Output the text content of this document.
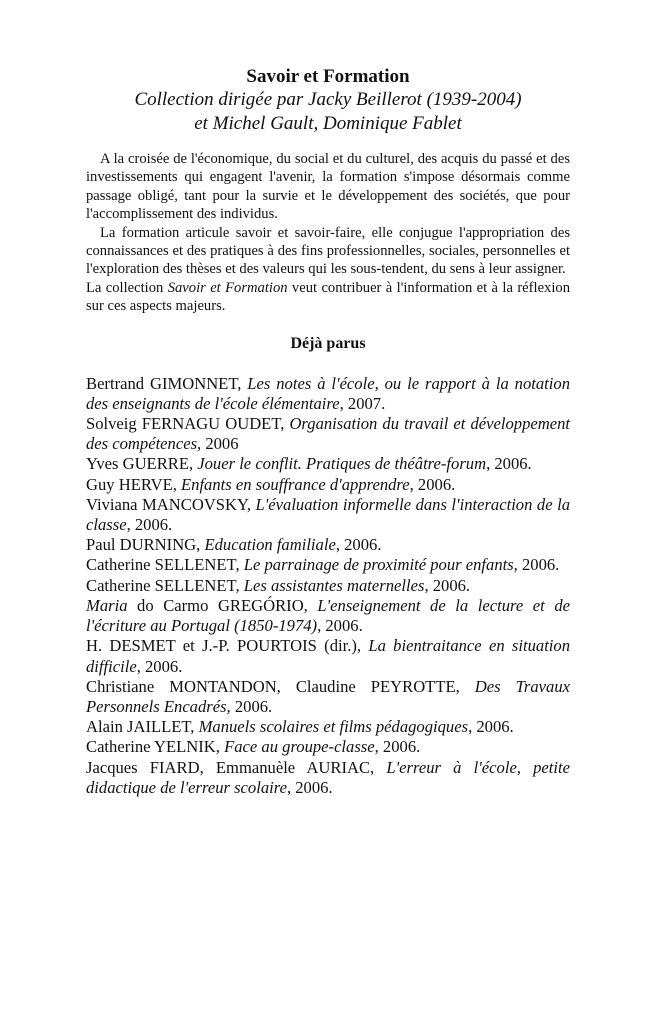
Savoir et Formation

Collection dirigée par Jacky Beillerot (1939-2004)

et Michel Gault, Dominique Fablet

A la croisée de l'économique, du social et du culturel, des acquis du passé et des investissements qui engagent l'avenir, la formation s'impose désormais comme passage obligé, tant pour la survie et le développement des sociétés, que pour l'accomplissement des individus.

La formation articule savoir et savoir-faire, elle conjugue l'appropriation des connaissances et des pratiques à des fins professionnelles, sociales, personnelles et l'exploration des thèses et des valeurs qui les sous-tendent, du sens à leur assigner.

La collection Savoir et Formation veut contribuer à l'information et à la réflexion sur ces aspects majeurs.

Déjà parus

Bertrand GIMONNET, Les notes à l'école, ou le rapport à la notation des enseignants de l'école élémentaire, 2007.

Solveig FERNAGU OUDET, Organisation du travail et développement des compétences, 2006

Yves GUERRE, Jouer le conflit. Pratiques de théâtre-forum, 2006.

Guy HERVE, Enfants en souffrance d'apprendre, 2006.

Viviana MANCOVSKY, L'évaluation informelle dans l'interaction de la classe, 2006.

Paul DURNING, Education familiale, 2006.

Catherine SELLENET, Le parrainage de proximité pour enfants, 2006.

Catherine SELLENET, Les assistantes maternelles, 2006.

Maria do Carmo GREGÓRIO, L'enseignement de la lecture et de l'écriture au Portugal (1850-1974), 2006.

H. DESMET et J.-P. POURTOIS (dir.), La bientraitance en situation difficile, 2006.

Christiane MONTANDON, Claudine PEYROTTE, Des Travaux Personnels Encadrés, 2006.

Alain JAILLET, Manuels scolaires et films pédagogiques, 2006.

Catherine YELNIK, Face au groupe-classe, 2006.

Jacques FIARD, Emmanuèle AURIAC, L'erreur à l'école, petite didactique de l'erreur scolaire, 2006.
